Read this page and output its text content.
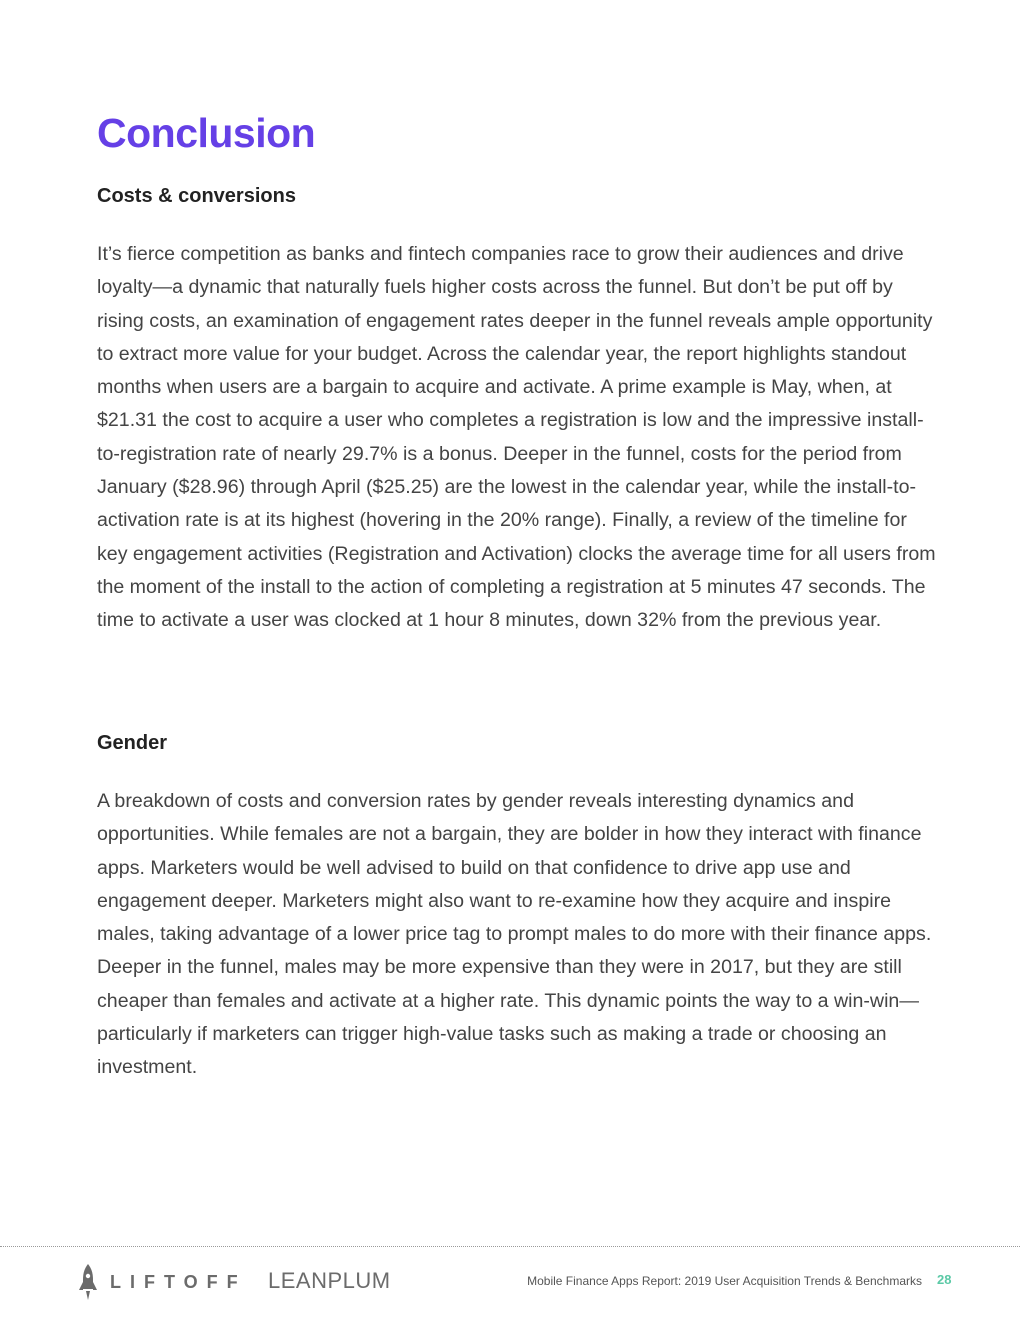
Conclusion
Costs & conversions

It’s fierce competition as banks and fintech companies race to grow their audiences and drive loyalty—a dynamic that naturally fuels higher costs across the funnel. But don’t be put off by rising costs, an examination of engagement rates deeper in the funnel reveals ample opportunity to extract more value for your budget. Across the calendar year, the report highlights standout months when users are a bargain to acquire and activate. A prime example is May, when, at $21.31 the cost to acquire a user who completes a registration is low and the impressive install-to-registration rate of nearly 29.7% is a bonus. Deeper in the funnel, costs for the period from January ($28.96) through April ($25.25) are the lowest in the calendar year, while the install-to-activation rate is at its highest (hovering in the 20% range). Finally, a review of the timeline for key engagement activities (Registration and Activation) clocks the average time for all users from the moment of the install to the action of completing a registration at 5 minutes 47 seconds. The time to activate a user was clocked at 1 hour 8 minutes, down 32% from the previous year.

Gender

A breakdown of costs and conversion rates by gender reveals interesting dynamics and opportunities. While females are not a bargain, they are bolder in how they interact with finance apps. Marketers would be well advised to build on that confidence to drive app use and engagement deeper. Marketers might also want to re-examine how they acquire and inspire males, taking advantage of a lower price tag to prompt males to do more with their finance apps. Deeper in the funnel, males may be more expensive than they were in 2017, but they are still cheaper than females and activate at a higher rate. This dynamic points the way to a win-win—particularly if marketers can trigger high-value tasks such as making a trade or choosing an investment.

LIFTOFF LEANPLUM	Mobile Finance Apps Report: 2019 User Acquisition Trends & Benchmarks 28
